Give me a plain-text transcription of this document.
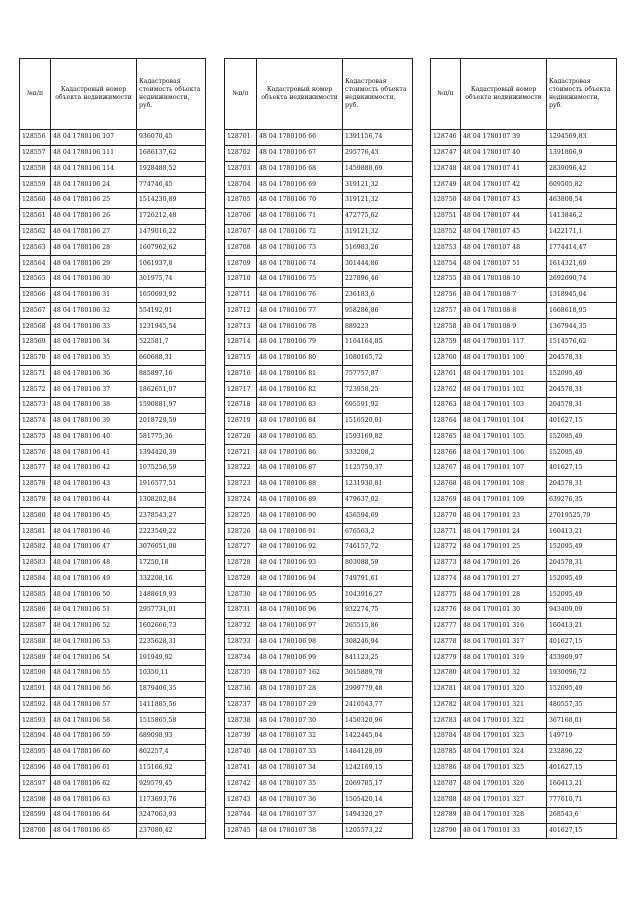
№п/п	Кадастровый номер объекта недвижимости	Кадастровая стоимость объекта недвижимости, руб.
128556	48 04 1780106 107	936070,45
128557	48 04 1780106 111	1686137,62
128558	48 04 1780106 114	1928488,52
128559	48 04 1780106 24	774746,45
128560	48 04 1780106 25	1514230,89
128561	48 04 1780106 26	1726212,48
128562	48 04 1780106 27	1479016,22
128563	48 04 1780106 28	1607962,62
128564	48 04 1780106 29	1061937,8
128565	48 04 1780106 30	301975,74
128566	48 04 1780106 31	1650693,92
128567	48 04 1780106 32	554192,91
128568	48 04 1780106 33	1231945,54
128569	48 04 1780106 34	522581,7
128570	48 04 1780106 35	660688,31
128571	48 04 1780106 36	885897,16
128572	48 04 1780106 37	1862651,07
128573	48 04 1780106 38	1590881,97
128574	48 04 1780106 39	2018729,59
128575	48 04 1780106 40	581775,36
128576	48 04 1780106 41	1394420,39
128577	48 04 1780106 42	1075256,59
128578	48 04 1780106 43	1916577,51
128579	48 04 1780106 44	1308202,84
128580	48 04 1780106 45	2378543,27
128581	48 04 1780106 46	2223540,22
128582	48 04 1780106 47	3076051,08
128583	48 04 1780106 48	17250,18
128584	48 04 1780106 49	332208,16
128585	48 04 1780106 50	1488619,93
128586	48 04 1780106 51	2957731,01
128587	48 04 1780106 52	1602666,73
128588	48 04 1780106 53	2235628,31
128589	48 04 1780106 54	191949,92
128590	48 04 1780106 55	10350,11
128591	48 04 1780106 56	1879406,35
128592	48 04 1780106 57	1411885,56
128593	48 04 1780106 58	1515865,58
128594	48 04 1780106 59	689098,93
128595	48 04 1780106 60	802257,4
128596	48 04 1780106 61	115166,92
128597	48 04 1780106 62	929579,45
128598	48 04 1780106 63	1173693,76
128599	48 04 1780106 64	3247063,93
128700	48 04 1780106 65	237080,42
№п/п	Кадастровый номер объекта недвижимости	Кадастровая стоимость объекта недвижимости, руб.
128701	48 04 1780106 66	1391156,74
128702	48 04 1780106 67	295776,43
128703	48 04 1780106 68	1459888,69
128704	48 04 1780106 69	319121,32
128705	48 04 1780106 70	319121,32
128706	48 04 1780106 71	472775,62
128707	48 04 1780106 72	319121,32
128708	48 04 1780106 73	516983,26
128709	48 04 1780106 74	301444,86
128710	48 04 1780106 75	227896,46
128711	48 04 1780106 76	236183,6
128712	48 04 1780106 77	958286,86
128713	48 04 1780106 78	889223
128714	48 04 1780106 79	1164164,85
128715	48 04 1780106 80	1080165,72
128716	48 04 1780106 81	757757,87
128717	48 04 1780106 82	723958,25
128718	48 04 1780106 83	695591,92
128719	48 04 1780106 84	1516520,01
128720	48 04 1780106 85	1593169,82
128721	48 04 1780106 86	333208,2
128722	48 04 1780106 87	1125759,37
128723	48 04 1780106 88	1231930,81
128724	48 04 1780106 89	479637,02
128725	48 04 1780106 90	456594,69
128726	48 04 1780106 91	676563,2
128727	48 04 1780106 92	746157,72
128728	48 04 1780106 93	803088,59
128729	48 04 1780106 94	749791,61
128730	48 04 1780106 95	1043916,27
128731	48 04 1780106 96	932274,75
128732	48 04 1780106 97	265515,86
128733	48 04 1780106 98	308246,94
128734	48 04 1780106 99	841123,25
128735	48 04 1780107 162	3015889,78
128736	48 04 1780107 28	2999779,48
128737	48 04 1780107 29	2410543,77
128738	48 04 1780107 30	1450320,96
128739	48 04 1780107 32	1422445,04
128740	48 04 1780107 33	1484128,09
128741	48 04 1780107 34	1242169,15
128742	48 04 1780107 35	2069785,17
128743	48 04 1780107 36	1505420,14
128744	48 04 1780107 37	1494320,27
128745	48 04 1780107 38	1205573,22
№п/п	Кадастровый номер объекта недвижимости	Кадастровая стоимость объекта недвижимости, руб.
128746	48 04 1780107 39	1294569,83
128747	48 04 1780107 40	1391806,9
128748	48 04 1780107 41	2839096,42
128749	48 04 1780107 42	609505,82
128750	48 04 1780107 43	463808,54
128751	48 04 1780107 44	1413846,2
128752	48 04 1780107 45	1422171,1
128753	48 04 1780107 48	1774414,47
128754	48 04 1780107 51	1614321,69
128755	48 04 1780108 10	2692690,74
128756	48 04 1780108 7	1318945,04
128757	48 04 1780108 8	1668618,95
128758	48 04 1780108 9	1367944,35
128759	48 04 1790101 117	1514576,62
128760	48 04 1790101 100	204578,31
128761	48 04 1790101 101	152095,49
128762	48 04 1790101 102	204578,31
128763	48 04 1790101 103	204578,31
128764	48 04 1790101 104	401627,15
128765	48 04 1790101 105	152095,49
128766	48 04 1790101 106	152095,49
128767	48 04 1790101 107	401627,15
128768	48 04 1790101 108	204578,31
128769	48 04 1790101 109	639276,35
128770	48 04 1790101 23	27019525,79
128771	48 04 1790101 24	160413,21
128772	48 04 1790101 25	152095,49
128773	48 04 1790101 26	204578,31
128774	48 04 1790101 27	152095,49
128775	48 04 1790101 28	152095,49
128776	48 04 1790101 30	943409,09
128777	48 04 1790101 316	160413,21
128778	48 04 1790101 317	401627,15
128779	48 04 1790101 319	453909,97
128780	48 04 1790101 32	1930096,72
128781	48 04 1790101 320	152095,49
128782	48 04 1790101 321	480557,35
128783	48 04 1790101 322	367168,01
128784	48 04 1790101 323	149719
128785	48 04 1790101 324	232896,22
128786	48 04 1790101 325	401627,15
128787	48 04 1790101 326	160413,21
128788	48 04 1790101 327	777610,71
128789	48 04 1790101 328	268543,6
128790	48 04 1790101 33	401627,15
